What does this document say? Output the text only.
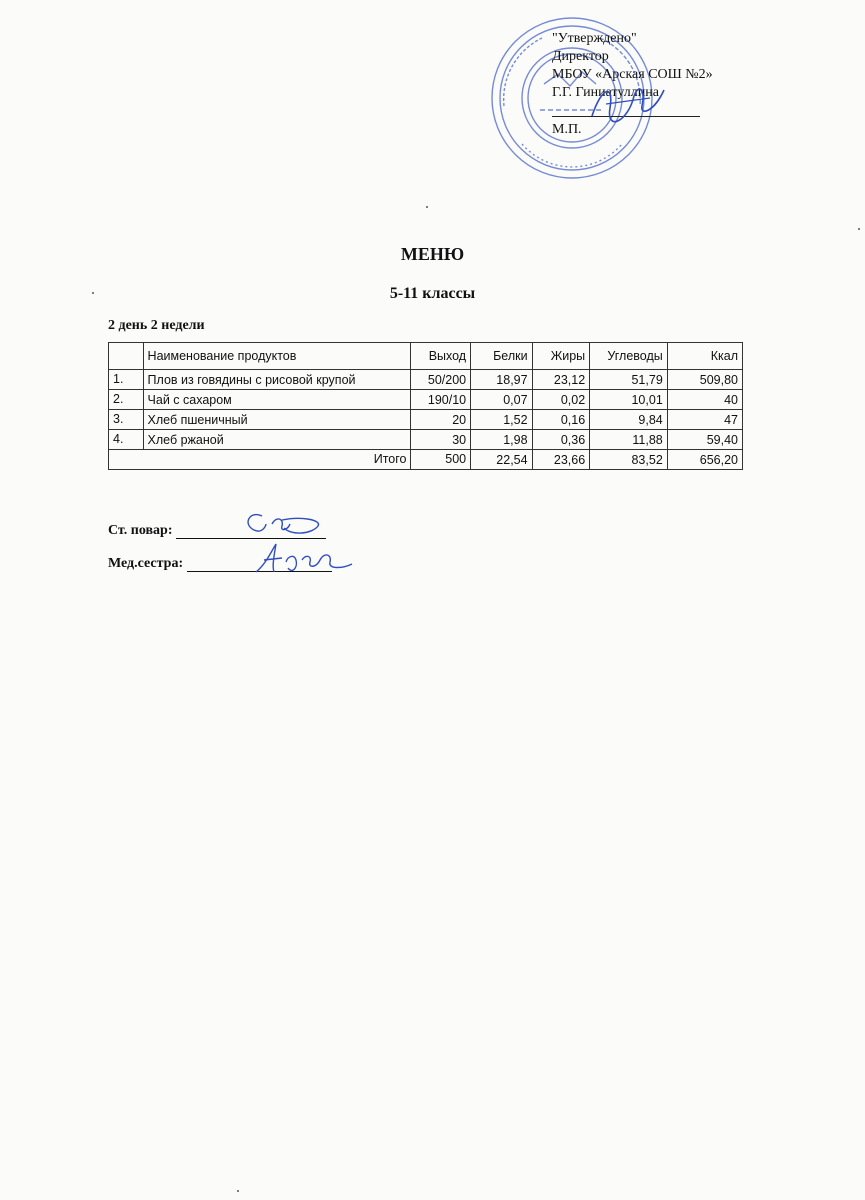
"Утверждено"
Директор
МБОУ «Арская СОШ №2»
Г.Г. Гиниатуллина
М.П.
МЕНЮ
5-11 классы
2 день 2 недели
	Наименование продуктов	Выход	Белки	Жиры	Углеводы	Ккал
1.	Плов из говядины с рисовой крупой	50/200	18,97	23,12	51,79	509,80
2.	Чай с сахаром	190/10	0,07	0,02	10,01	40
3.	Хлеб пшеничный	20	1,52	0,16	9,84	47
4.	Хлеб ржаной	30	1,98	0,36	11,88	59,40
Итого		500	22,54	23,66	83,52	656,20
Ст. повар:
Мед.сестра:
